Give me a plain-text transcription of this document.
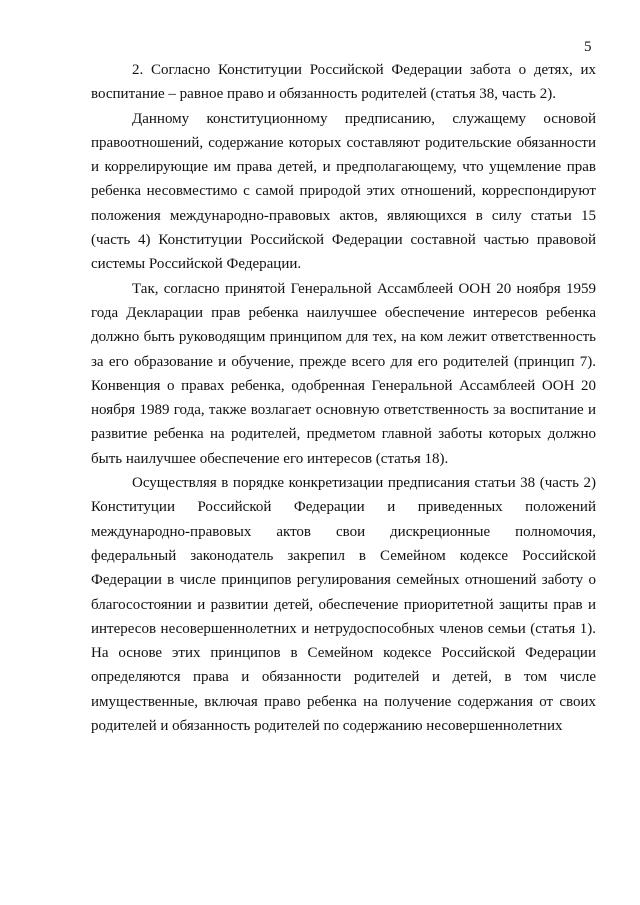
5

2. Согласно Конституции Российской Федерации забота о детях, их воспитание – равное право и обязанность родителей (статья 38, часть 2).

Данному конституционному предписанию, служащему основой правоотношений, содержание которых составляют родительские обязанности и коррелирующие им права детей, и предполагающему, что ущемление прав ребенка несовместимо с самой природой этих отношений, корреспондируют положения международно-правовых актов, являющихся в силу статьи 15 (часть 4) Конституции Российской Федерации составной частью правовой системы Российской Федерации.

Так, согласно принятой Генеральной Ассамблеей ООН 20 ноября 1959 года Декларации прав ребенка наилучшее обеспечение интересов ребенка должно быть руководящим принципом для тех, на ком лежит ответственность за его образование и обучение, прежде всего для его родителей (принцип 7). Конвенция о правах ребенка, одобренная Генеральной Ассамблеей ООН 20 ноября 1989 года, также возлагает основную ответственность за воспитание и развитие ребенка на родителей, предметом главной заботы которых должно быть наилучшее обеспечение его интересов (статья 18).

Осуществляя в порядке конкретизации предписания статьи 38 (часть 2) Конституции Российской Федерации и приведенных положений международно-правовых актов свои дискреционные полномочия, федеральный законодатель закрепил в Семейном кодексе Российской Федерации в числе принципов регулирования семейных отношений заботу о благосостоянии и развитии детей, обеспечение приоритетной защиты прав и интересов несовершеннолетних и нетрудоспособных членов семьи (статья 1). На основе этих принципов в Семейном кодексе Российской Федерации определяются права и обязанности родителей и детей, в том числе имущественные, включая право ребенка на получение содержания от своих родителей и обязанность родителей по содержанию несовершеннолетних
